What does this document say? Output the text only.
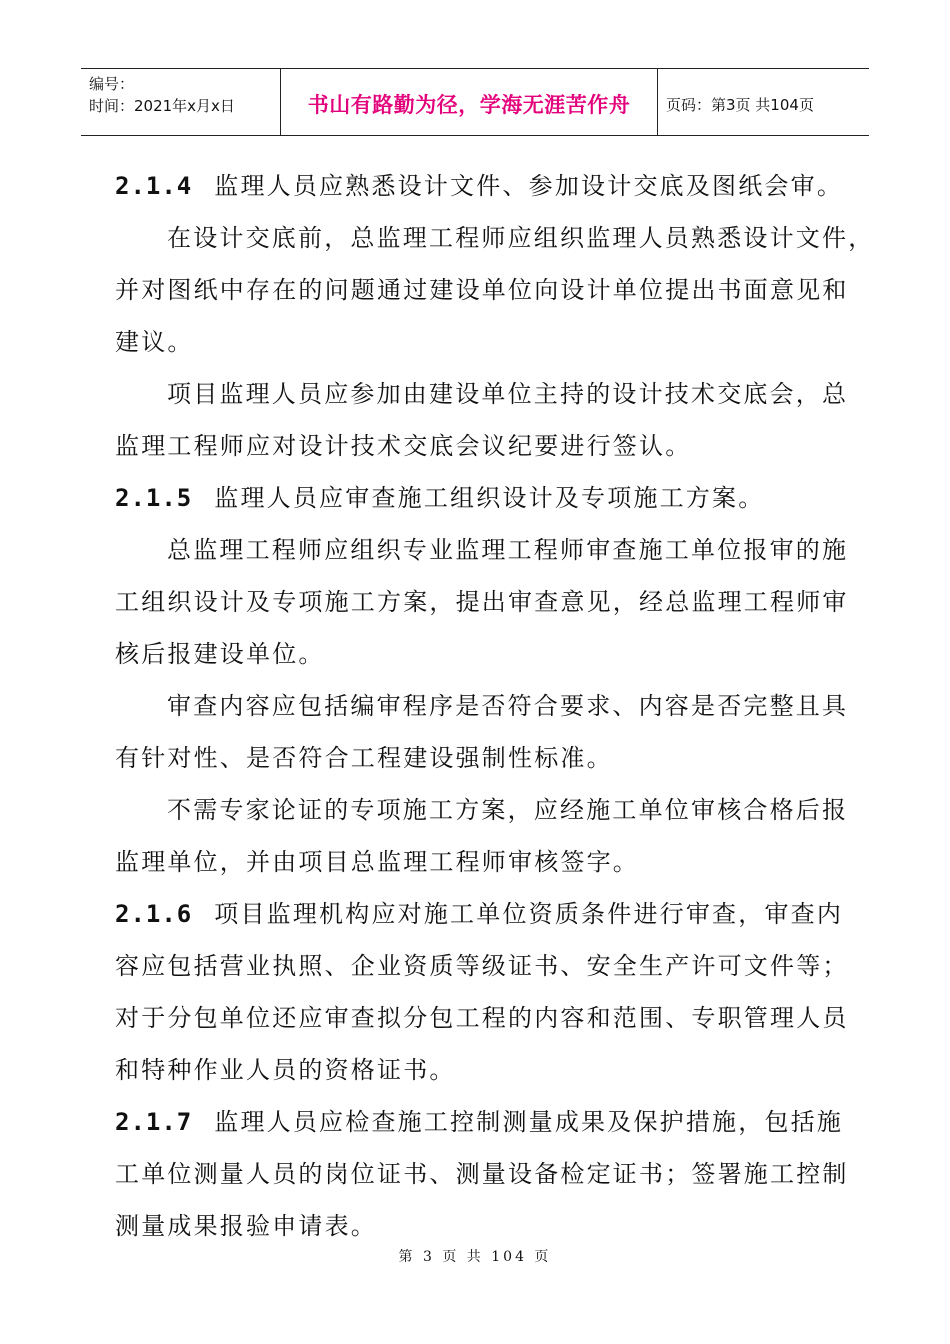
编号：
时间：2021年x月x日	书山有路勤为径，学海无涯苦作舟 页码：第3页 共104页
2.1.4 监理人员应熟悉设计文件、参加设计交底及图纸会审。
在设计交底前，总监理工程师应组织监理人员熟悉设计文件，
并对图纸中存在的问题通过建设单位向设计单位提出书面意见和
建议。
项目监理人员应参加由建设单位主持的设计技术交底会，总
监理工程师应对设计技术交底会议纪要进行签认。
2.1.5 监理人员应审查施工组织设计及专项施工方案。
总监理工程师应组织专业监理工程师审查施工单位报审的施
工组织设计及专项施工方案，提出审查意见，经总监理工程师审
核后报建设单位。
审查内容应包括编审程序是否符合要求、内容是否完整且具
有针对性、是否符合工程建设强制性标准。
不需专家论证的专项施工方案，应经施工单位审核合格后报
监理单位，并由项目总监理工程师审核签字。
2.1.6 项目监理机构应对施工单位资质条件进行审查，审查内
容应包括营业执照、企业资质等级证书、安全生产许可文件等；
对于分包单位还应审查拟分包工程的内容和范围、专职管理人员
和特种作业人员的资格证书。
2.1.7 监理人员应检查施工控制测量成果及保护措施，包括施
工单位测量人员的岗位证书、测量设备检定证书；签署施工控制
测量成果报验申请表。
第 3 页 共 104 页
